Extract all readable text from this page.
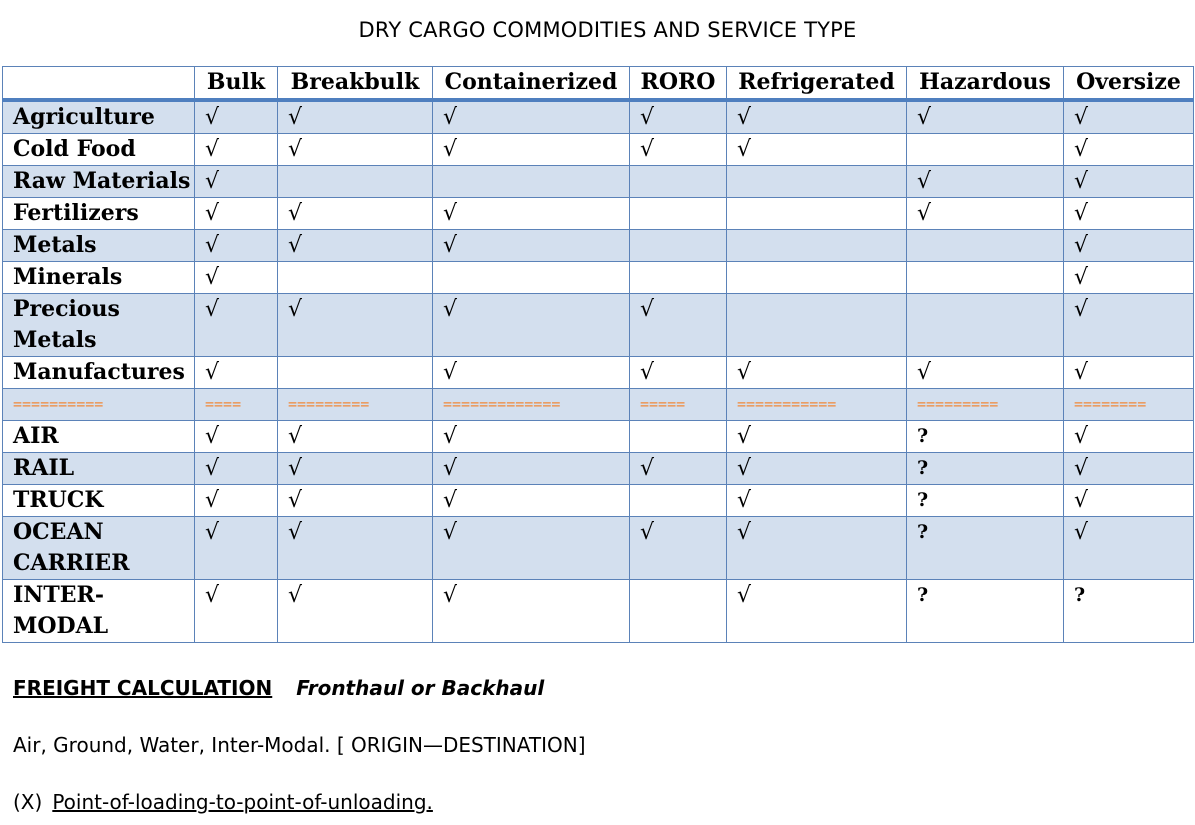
DRY CARGO COMMODITIES AND SERVICE TYPE
	Bulk	Breakbulk	Containerized	RORO	Refrigerated	Hazardous	Oversize
Agriculture	√	√	√	√	√	√	√
Cold Food	√	√	√	√	√		√
Raw Materials	√					√	√
Fertilizers	√	√	√			√	√
Metals	√	√	√				√
Minerals	√						√
Precious Metals	√	√	√	√			√
Manufactures	√		√	√	√	√	√
==========	====	=========	=============	=====	===========	=========	========
AIR	√	√	√		√	?	√
RAIL	√	√	√	√	√	?	√
TRUCK	√	√	√		√	?	√
OCEAN CARRIER	√	√	√	√	√	?	√
INTER-MODAL	√	√	√		√	?	?
FREIGHT CALCULATION Fronthaul or Backhaul
Air, Ground, Water, Inter-Modal. [ ORIGIN—DESTINATION]
(X) Point-of-loading-to-point-of-unloading.
